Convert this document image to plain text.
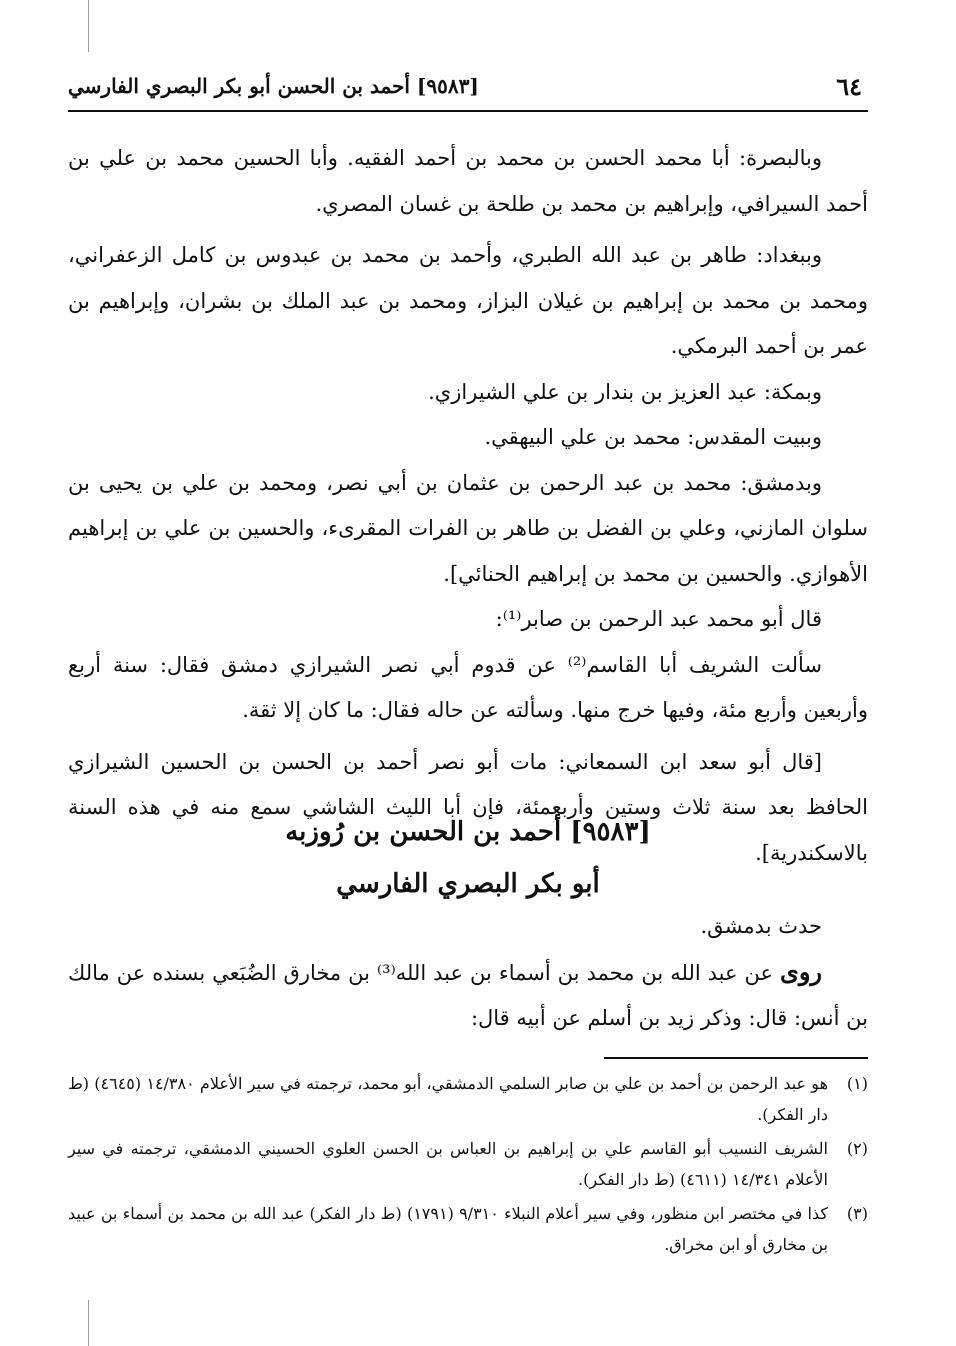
٦٤
[٩٥٨٣] أحمد بن الحسن أبو بكر البصري الفارسي

وبالبصرة: أبا محمد الحسن بن محمد بن أحمد الفقيه. وأبا الحسين محمد بن علي بن أحمد السيرافي، وإبراهيم بن محمد بن طلحة بن غسان المصري.

وببغداد: طاهر بن عبد الله الطبري، وأحمد بن محمد بن عبدوس بن كامل الزعفراني، ومحمد بن محمد بن إبراهيم بن غيلان البزاز، ومحمد بن عبد الملك بن بشران، وإبراهيم بن عمر بن أحمد البرمكي.

وبمكة: عبد العزيز بن بندار بن علي الشيرازي.

وببيت المقدس: محمد بن علي البيهقي.

وبدمشق: محمد بن عبد الرحمن بن عثمان بن أبي نصر، ومحمد بن علي بن يحيى بن سلوان المازني، وعلي بن الفضل بن طاهر بن الفرات المقرىء، والحسين بن علي بن إبراهيم الأهوازي. والحسين بن محمد بن إبراهيم الحنائي].

قال أبو محمد عبد الرحمن بن صابر⁽¹⁾:

سألت الشريف أبا القاسم⁽²⁾ عن قدوم أبي نصر الشيرازي دمشق فقال: سنة أربع وأربعين وأربع مئة، وفيها خرج منها. وسألته عن حاله فقال: ما كان إلا ثقة.

[قال أبو سعد ابن السمعاني: مات أبو نصر أحمد بن الحسن بن الحسين الشيرازي الحافظ بعد سنة ثلاث وستين وأربعمئة، فإن أبا الليث الشاشي سمع منه في هذه السنة بالاسكندرية].

[٩٥٨٣] أحمد بن الحسن بن رُوزبه
أبو بكر البصري الفارسي

حدث بدمشق.

روى عن عبد الله بن محمد بن أسماء بن عبد الله⁽³⁾ بن مخارق الضُبَعي بسنده عن مالك بن أنس: قال: وذكر زيد بن أسلم عن أبيه قال:

(١)
هو عبد الرحمن بن أحمد بن علي بن صابر السلمي الدمشقي، أبو محمد، ترجمته في سير الأعلام ١٤/٣٨٠ (٤٦٤٥) (ط دار الفكر).
(٢)
الشريف النسيب أبو القاسم علي بن إبراهيم بن العباس بن الحسن العلوي الحسيني الدمشقي، ترجمته في سير الأعلام ١٤/٣٤١ (٤٦١١) (ط دار الفكر).
(٣)
كذا في مختصر ابن منظور، وفي سير أعلام النبلاء ٩/٣١٠ (١٧٩١) (ط دار الفكر) عبد الله بن محمد بن أسماء بن عبيد بن مخارق أو ابن مخراق.
